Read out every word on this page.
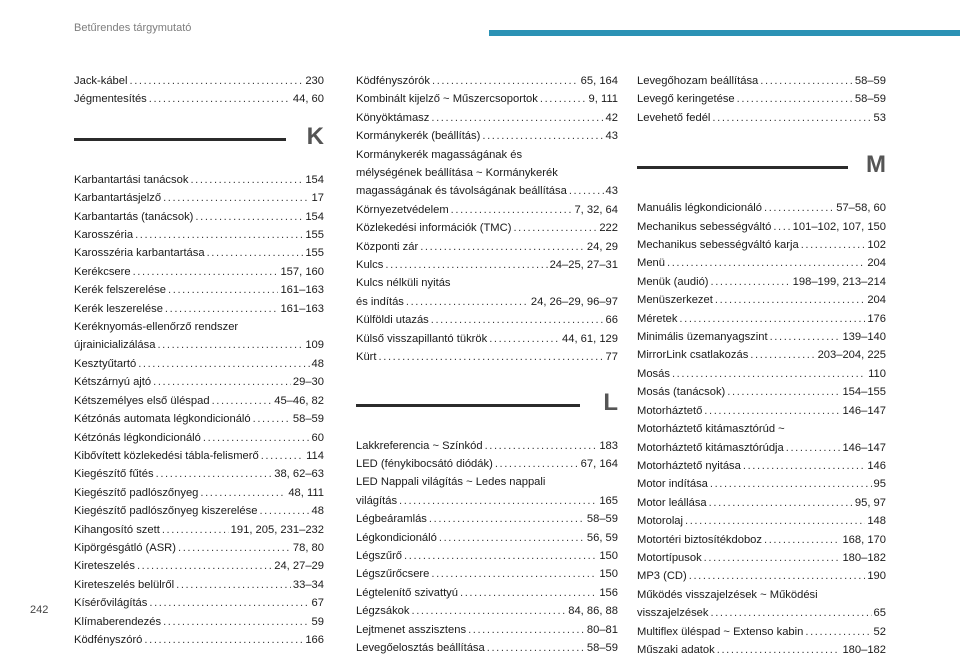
Betűrendes tárgymutató
Jack-kábel .....	230
Jégmentesítés .....	44, 60
K
Karbantartási tanácsok .....	154
Karbantartásjelző .....	17
Karbantartás (tanácsok) .....	154
Karosszéria .....	155
Karosszéria karbantartása .....	155
Kerékcsere .....	157, 160
Kerék felszerelése .....	161–163
Kerék leszerelése .....	161–163
Keréknyomás-ellenőrző rendszer
újrainicializálása .....	109
Kesztyűtartó .....	48
Kétszárnyú ajtó .....	29–30
Kétszemélyes első üléspad .....	45–46, 82
Kétzónás automata légkondicionáló .....	58–59
Kétzónás légkondicionáló .....	60
Kibővített közlekedési tábla-felismerő .....	114
Kiegészítő fűtés .....	38, 62–63
Kiegészítő padlószőnyeg .....	48, 111
Kiegészítő padlószőnyeg kiszerelése .....	48
Kihangosító szett .....	191, 205, 231–232
Kipörgésgátló (ASR) .....	78, 80
Kireteszelés .....	24, 27–29
Kireteszelés belülről .....	33–34
Kísérővilágítás .....	67
Klímaberendezés .....	59
Ködfényszóró .....	166
Ködfényszórók .....	65, 164
Kombinált kijelző ~ Műszercsoportok .....	9, 111
Könyöktámasz .....	42
Kormánykerék (beállítás) .....	43
Kormánykerék magasságának és
mélységének beállítása ~ Kormánykerék
magasságának és távolságának beállítása .....	43
Környezetvédelem .....	7, 32, 64
Közlekedési információk (TMC) .....	222
Központi zár .....	24, 29
Kulcs .....	24–25, 27–31
Kulcs nélküli nyitás
és indítás .....	24, 26–29, 96–97
Külföldi utazás .....	66
Külső visszapillantó tükrök .....	44, 61, 129
Kürt .....	77
L
Lakkreferencia ~ Színkód .....	183
LED (fénykibocsátó diódák) .....	67, 164
LED Nappali világítás ~ Ledes nappali
világítás .....	165
Légbeáramlás .....	58–59
Légkondicionáló .....	56, 59
Légszűrő .....	150
Légszűrőcsere .....	150
Légtelenítő szivattyú .....	156
Légzsákok .....	84, 86, 88
Lejtmenet asszisztens .....	80–81
Levegőelosztás beállítása .....	58–59
Levegőhozam beállítása .....	58–59
Levegő keringetése .....	58–59
Levehető fedél .....	53
M
Manuális légkondicionáló .....	57–58, 60
Mechanikus sebességváltó ..... 101–102, 107, 150
Mechanikus sebességváltó karja .....	102
Menü .....	204
Menük (audió) .....	198–199, 213–214
Menüszerkezet .....	204
Méretek .....	176
Minimális üzemanyagszint .....	139–140
MirrorLink csatlakozás .....	203–204, 225
Mosás .....	110
Mosás (tanácsok) .....	154–155
Motorháztető .....	146–147
Motorháztető kitámasztórúd ~
Motorháztető kitámasztórúdja .....	146–147
Motorháztető nyitása .....	146
Motor indítása .....	95
Motor leállása .....	95, 97
Motorolaj .....	148
Motortéri biztosítékdoboz .....	168, 170
Motortípusok .....	180–182
MP3 (CD) .....	190
Működés visszajelzések ~ Működési
visszajelzések .....	65
Multiflex üléspad ~ Extenso kabin .....	52
Műszaki adatok .....	180–182
242
